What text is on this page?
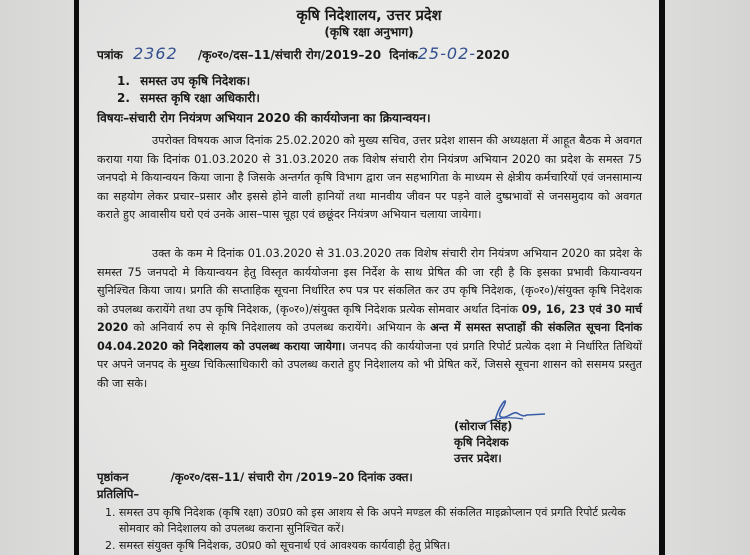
कृषि निदेशालय, उत्तर प्रदेश
(कृषि रक्षा अनुभाग)
पत्रांक 2362 /कृ०र०/दस–11/संचारी रोग/2019–20 दिनांक25-02-2020
1. समस्त उप कृषि निदेशक।
2. समस्त कृषि रक्षा अधिकारी।
विषयः–संचारी रोग नियंत्रण अभियान 2020 की कार्ययोजना का क्रियान्वयन।
उपरोक्त विषयक आज दिनांक 25.02.2020 को मुख्य सचिव, उत्तर प्रदेश शासन की अध्यक्षता में आहूत बैठक मे अवगत कराया गया कि दिनांक 01.03.2020 से 31.03.2020 तक विशेष संचारी रोग नियंत्रण अभियान 2020 का प्रदेश के समस्त 75 जनपदो मे कियान्वयन किया जाना है जिसके अन्तर्गत कृषि विभाग द्वारा जन सहभागिता के माध्यम से क्षेत्रीय कर्मचारियों एवं जनसामान्य का सहयोग लेकर प्रचार–प्रसार और इससे होने वाली हानियों तथा मानवीय जीवन पर पड़ने वाले दुष्प्रभावों से जनसमुदाय को अवगत कराते हुए आवासीय घरो एवं उनके आस–पास चूहा एवं छछूंदर नियंत्रण अभियान चलाया जायेगा।
उक्त के कम मे दिनांक 01.03.2020 से 31.03.2020 तक विशेष संचारी रोग नियंत्रण अभियान 2020 का प्रदेश के समस्त 75 जनपदो मे कियान्वयन हेतु विस्तृत कार्ययोजना इस निर्देश के साथ प्रेषित की जा रही है कि इसका प्रभावी कियान्वयन सुनिश्चित किया जाय। प्रगति की सप्ताहिक सूचना निर्धारित रुप पत्र पर संकलित कर उप कृषि निदेशक, (कृ०र०)/संयुक्त कृषि निदेशक को उपलब्ध करायेंगे तथा उप कृषि निदेशक, (कृ०र०)/संयुक्त कृषि निदेशक प्रत्येक सोमवार अर्थात दिनांक 09, 16, 23 एवं 30 मार्च 2020 को अनिवार्य रुप से कृषि निदेशालय को उपलब्ध करायेंगे। अभियान के अन्त में समस्त सप्ताहों की संकलित सूचना दिनांक 04.04.2020 को निदेशालय को उपलब्ध कराया जायेगा। जनपद की कार्ययोजना एवं प्रगति रिपोर्ट प्रत्येक दशा मे निर्धारित तिथियों पर अपने जनपद के मुख्य चिकित्साधिकारी को उपलब्ध कराते हुए निदेशालय को भी प्रेषित करें, जिससे सूचना शासन को ससमय प्रस्तुत की जा सके।
(सोराज सिंह)
कृषि निदेशक
उत्तर प्रदेश।
पृष्ठांकन	/कृ०र०/दस–11/ संचारी रोग /2019–20 दिनांक उक्त।
प्रतिलिपि–
1. समस्त उप कृषि निदेशक (कृषि रक्षा) उ0प्र0 को इस आशय से कि अपने मण्डल की संकलित माइक्रोप्लान एवं प्रगति रिपोर्ट प्रत्येक सोमवार को निदेशालय को उपलब्ध कराना सुनिश्चित करें।
2. समस्त संयुक्त कृषि निदेशक, उ0प्र0 को सूचनार्थ एवं आवश्यक कार्यवाही हेतु प्रेषित।
